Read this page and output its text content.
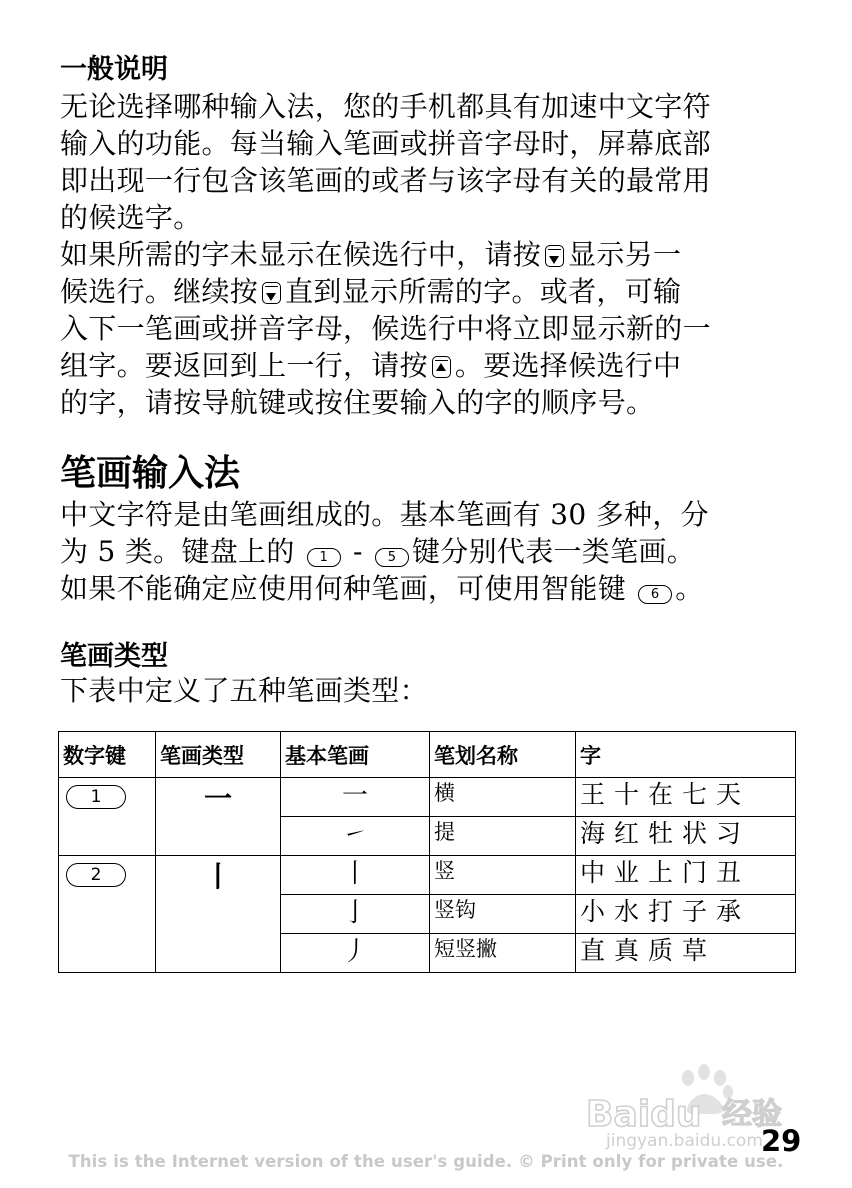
一般说明
无论选择哪种输入法，您的手机都具有加速中文字符
输入的功能。每当输入笔画或拼音字母时，屏幕底部
即出现一行包含该笔画的或者与该字母有关的最常用
的候选字。
如果所需的字未显示在候选行中，请按 显示另一
候选行。继续按 直到显示所需的字。或者，可输
入下一笔画或拼音字母，候选行中将立即显示新的一
组字。要返回到上一行，请按 。要选择候选行中
的字，请按导航键或按住要输入的字的顺序号。
笔画输入法
中文字符是由笔画组成的。基本笔画有 30 多种，分
为 5 类。键盘上的 1 - 5 键分别代表一类笔画。
如果不能确定应使用何种笔画，可使用智能键 6 。
笔画类型
下表中定义了五种笔画类型：
数字键	笔画类型	基本笔画	笔划名称	字
1	一	一	横	王十在七天
		㇀	提	海红牡状习
2	丨	丨	竖	中业上门丑
		亅	竖钩	小水打子承
		丿	短竖撇	直真质草
Baidu 经验
jingyan.baidu.com
29
This is the Internet version of the user's guide. © Print only for private use.
